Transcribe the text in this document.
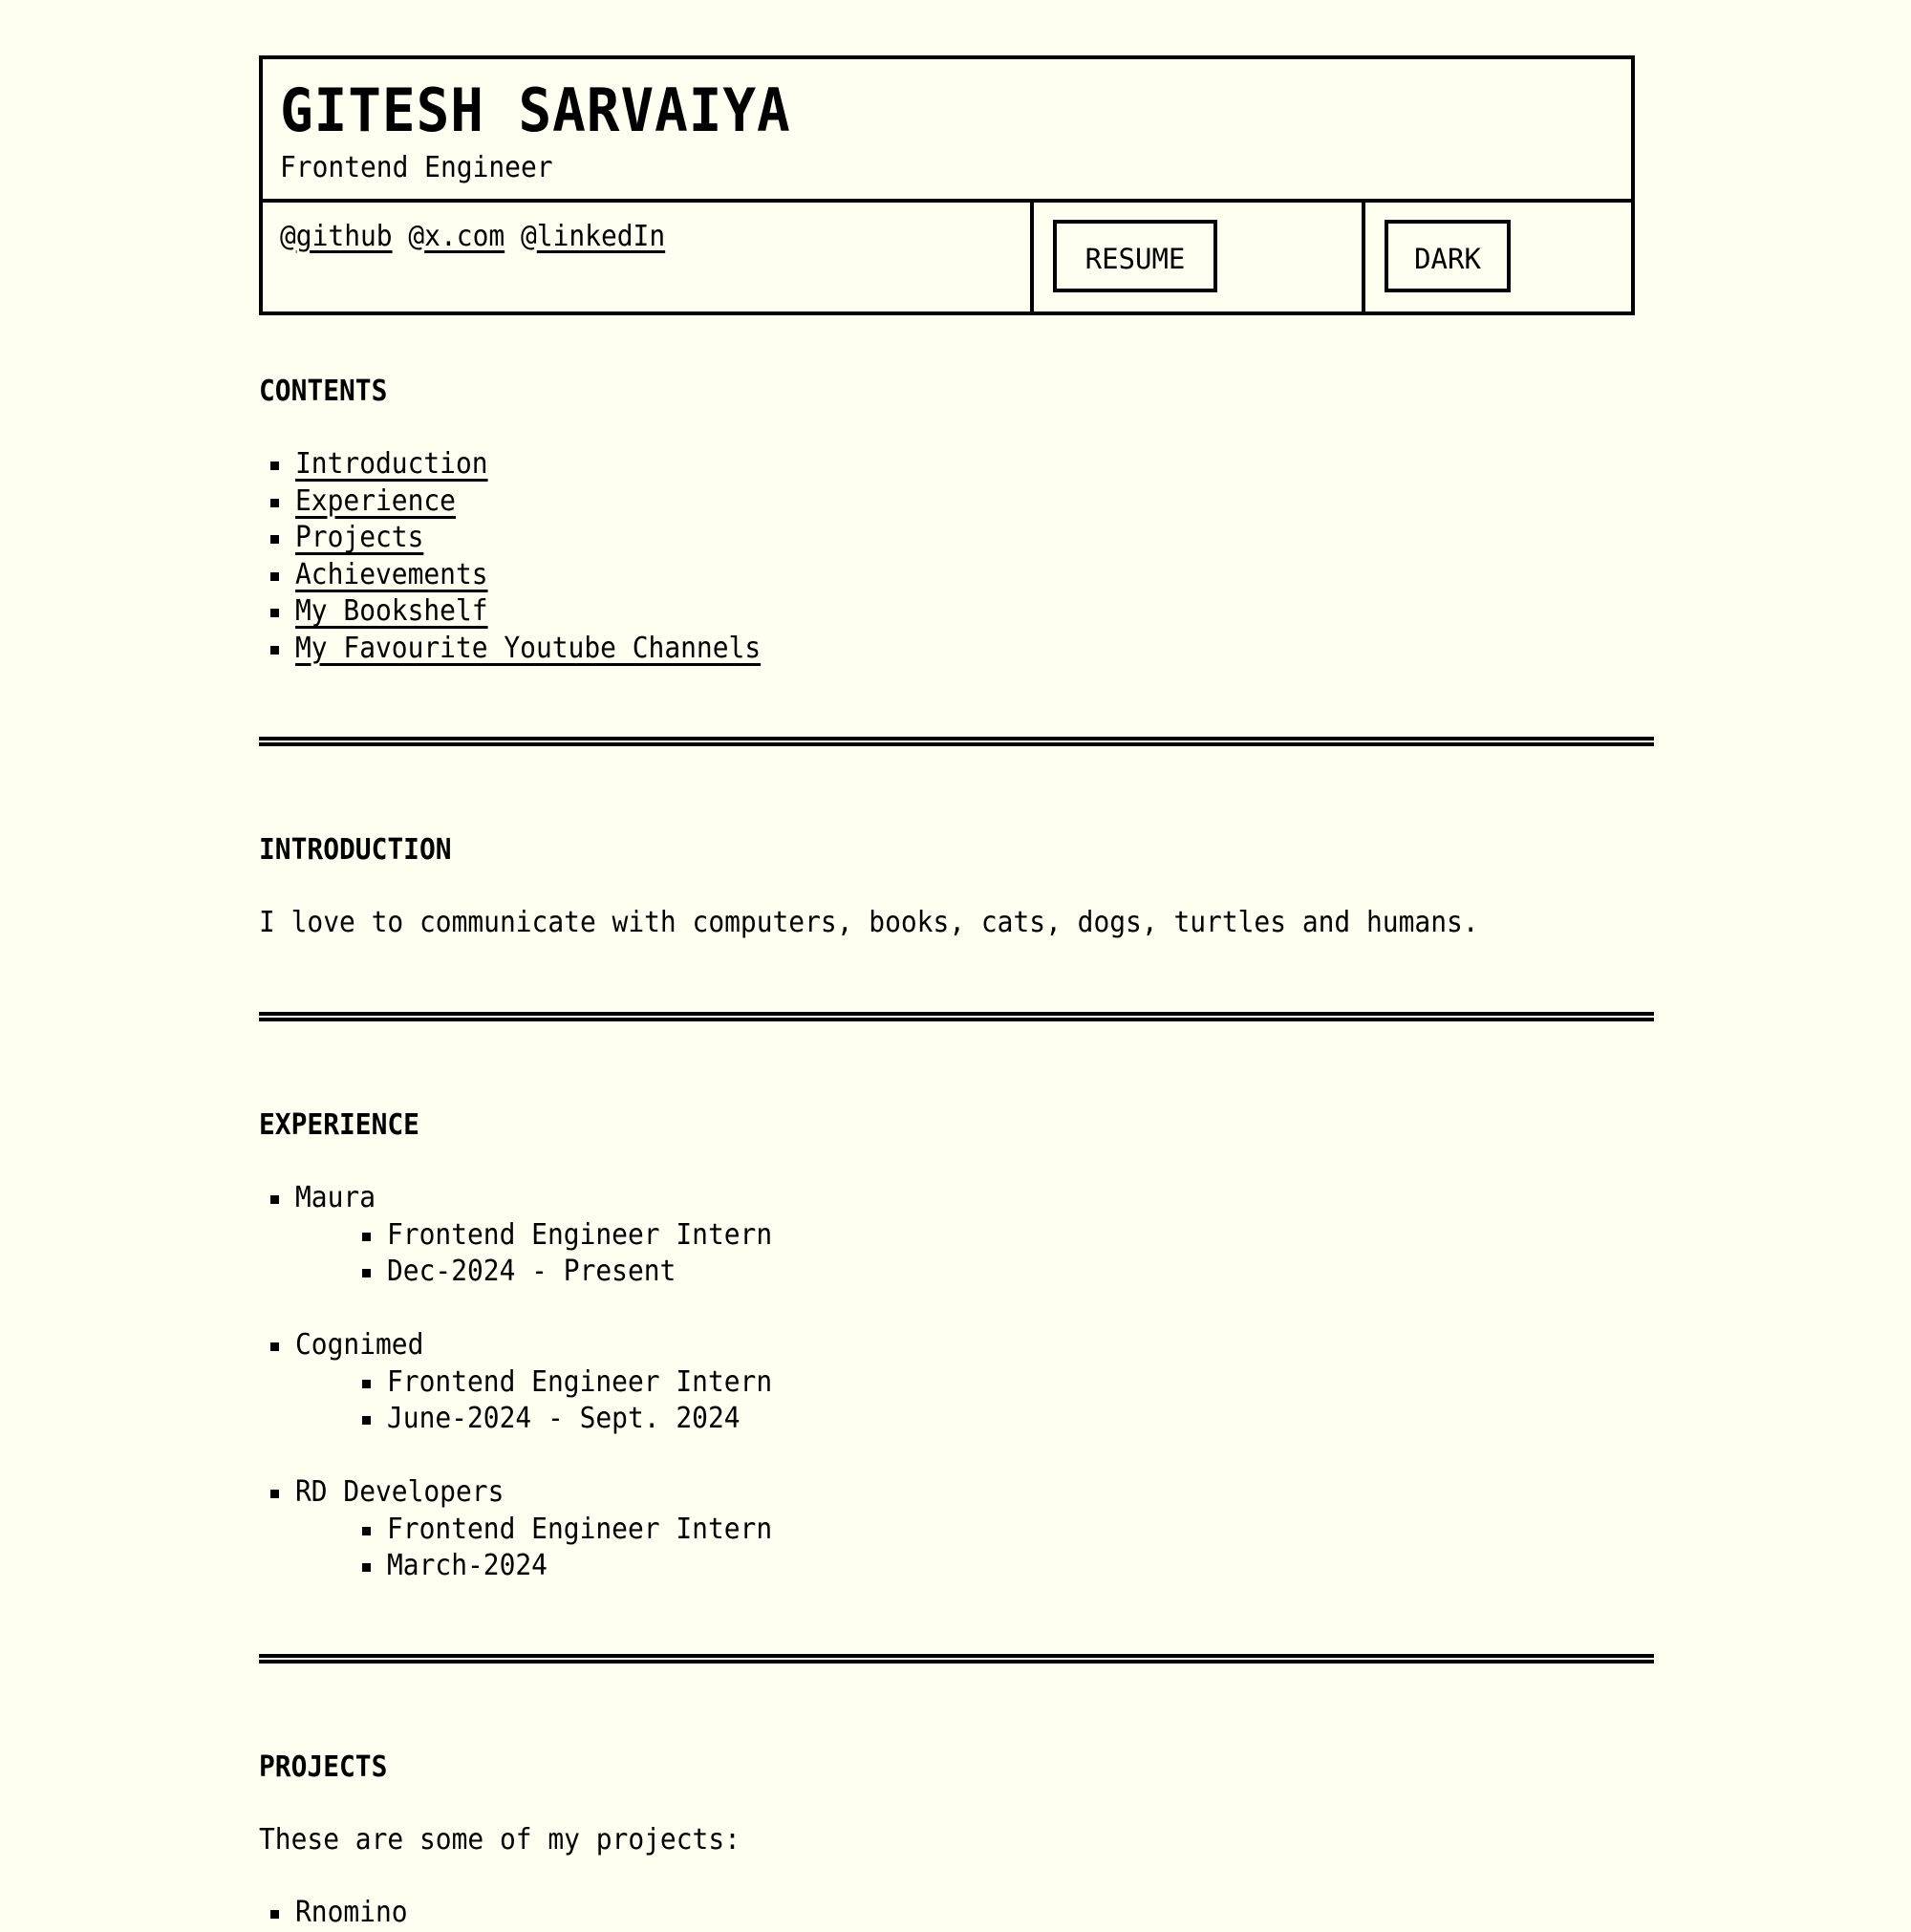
GITESH SARVAIYA
Frontend Engineer
@github @x.com @linkedIn
RESUME	DARK
CONTENTS
Introduction
Experience
Projects
Achievements
My Bookshelf
My Favourite Youtube Channels
INTRODUCTION

I love to communicate with computers, books, cats, dogs, turtles and humans.

EXPERIENCE
Maura
Frontend Engineer Intern
Dec-2024 - Present
Cognimed
Frontend Engineer Intern
June-2024 - Sept. 2024
RD Developers
Frontend Engineer Intern
March-2024
PROJECTS

These are some of my projects:

Rnomino
